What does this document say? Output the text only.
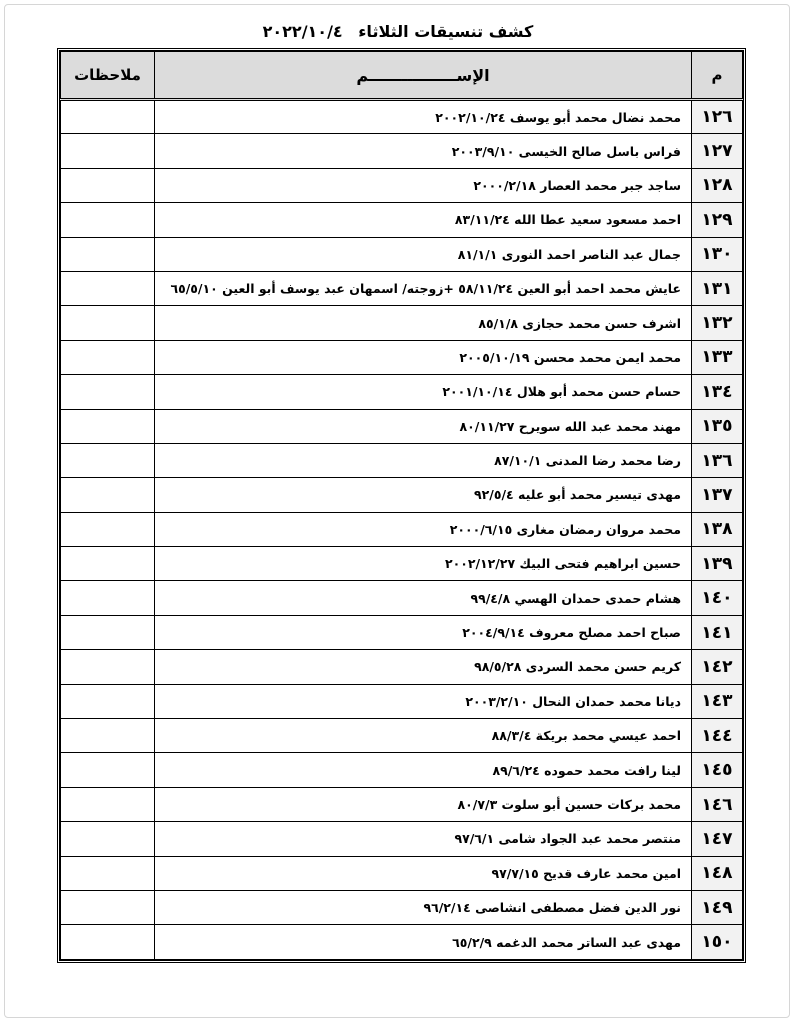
كشف تنسيقات الثلاثاء ٢٠٢٢/١٠/٤
ملاحظات	الإســــــــــــــــم	م
	محمد نضال محمد أبو يوسف ٢٠٠٢/١٠/٢٤	١٢٦
	فراس باسل صالح الخيسى ٢٠٠٣/٩/١٠	١٢٧
	ساجد جبر محمد العصار ٢٠٠٠/٢/١٨	١٢٨
	احمد مسعود سعيد عطا الله ٨٣/١١/٢٤	١٢٩
	جمال عبد الناصر احمد النورى ٨١/١/١	١٣٠
	عايش محمد احمد أبو العين ٥٨/١١/٢٤ +زوجته/ اسمهان عبد يوسف أبو العين ٦٥/٥/١٠	١٣١
	اشرف حسن محمد حجازى ٨٥/١/٨	١٣٢
	محمد ايمن محمد محسن ٢٠٠٥/١٠/١٩	١٣٣
	حسام حسن محمد أبو هلال ٢٠٠١/١٠/١٤	١٣٤
	مهند محمد عبد الله سويرح ٨٠/١١/٢٧	١٣٥
	رضا محمد رضا المدنى ٨٧/١٠/١	١٣٦
	مهدى تيسير محمد أبو عليه ٩٢/٥/٤	١٣٧
	محمد مروان رمضان مغارى ٢٠٠٠/٦/١٥	١٣٨
	حسين ابراهيم فتحى البيك ٢٠٠٢/١٢/٢٧	١٣٩
	هشام حمدى حمدان الهسي ٩٩/٤/٨	١٤٠
	صباح احمد مصلح معروف ٢٠٠٤/٩/١٤	١٤١
	كريم حسن محمد السردى ٩٨/٥/٢٨	١٤٢
	ديانا محمد حمدان النحال ٢٠٠٣/٢/١٠	١٤٣
	احمد عيسي محمد بريكة ٨٨/٣/٤	١٤٤
	لينا رافت محمد حموده ٨٩/٦/٢٤	١٤٥
	محمد بركات حسين أبو سلوت ٨٠/٧/٣	١٤٦
	منتصر محمد عبد الجواد شامى ٩٧/٦/١	١٤٧
	امين محمد عارف قديح ٩٧/٧/١٥	١٤٨
	نور الدين فضل مصطفى انشاصى ٩٦/٢/١٤	١٤٩
	مهدى عبد الساتر محمد الدغمه ٦٥/٢/٩	١٥٠
